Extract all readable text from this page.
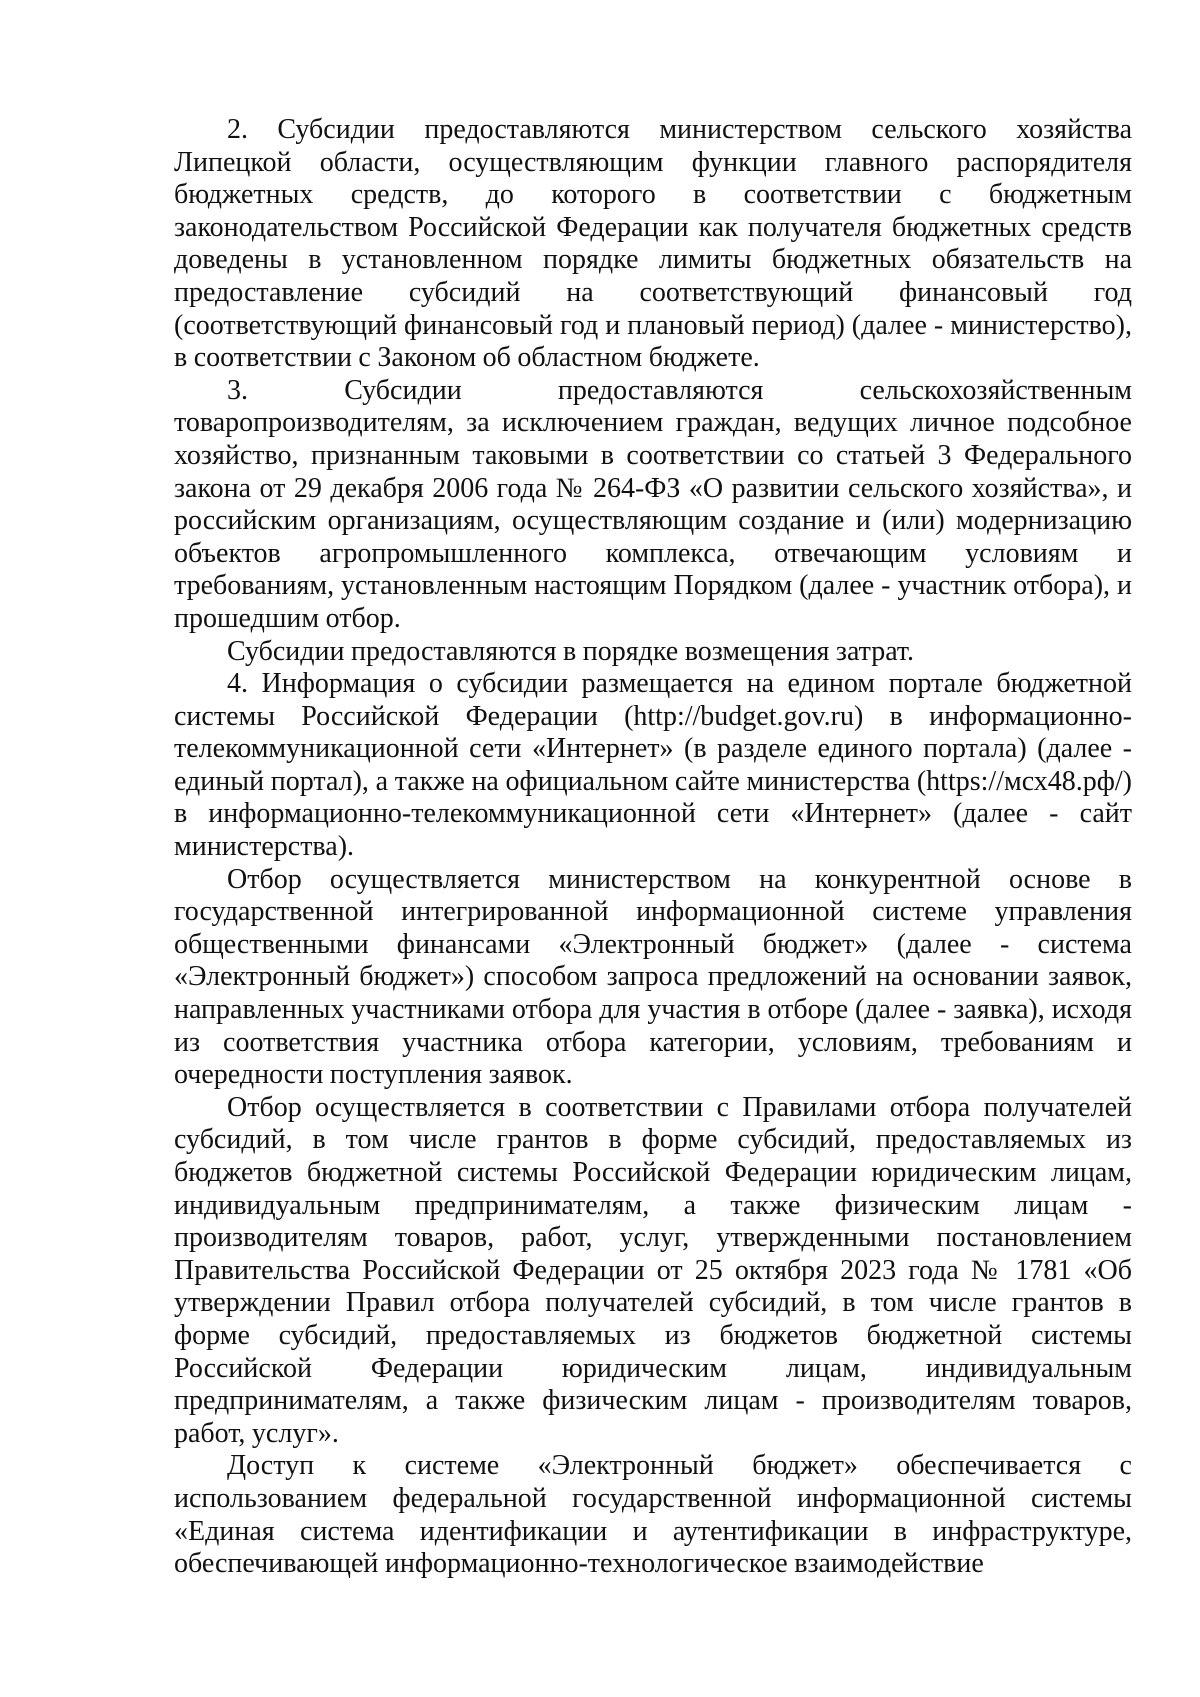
2. Субсидии предоставляются министерством сельского хозяйства Липецкой области, осуществляющим функции главного распорядителя бюджетных средств, до которого в соответствии с бюджетным законодательством Российской Федерации как получателя бюджетных средств доведены в установленном порядке лимиты бюджетных обязательств на предоставление субсидий на соответствующий финансовый год (соответствующий финансовый год и плановый период) (далее - министерство), в соответствии с Законом об областном бюджете.

3. Субсидии предоставляются сельскохозяйственным товаропроизводителям, за исключением граждан, ведущих личное подсобное хозяйство, признанным таковыми в соответствии со статьей 3 Федерального закона от 29 декабря 2006 года № 264-ФЗ «О развитии сельского хозяйства», и российским организациям, осуществляющим создание и (или) модернизацию объектов агропромышленного комплекса, отвечающим условиям и требованиям, установленным настоящим Порядком (далее - участник отбора), и прошедшим отбор.

Субсидии предоставляются в порядке возмещения затрат.

4. Информация о субсидии размещается на едином портале бюджетной системы Российской Федерации (http://budget.gov.ru) в информационно-телекоммуникационной сети «Интернет» (в разделе единого портала) (далее - единый портал), а также на официальном сайте министерства (https://мсх48.рф/) в информационно-телекоммуникационной сети «Интернет» (далее - сайт министерства).

Отбор осуществляется министерством на конкурентной основе в государственной интегрированной информационной системе управления общественными финансами «Электронный бюджет» (далее - система «Электронный бюджет») способом запроса предложений на основании заявок, направленных участниками отбора для участия в отборе (далее - заявка), исходя из соответствия участника отбора категории, условиям, требованиям и очередности поступления заявок.

Отбор осуществляется в соответствии с Правилами отбора получателей субсидий, в том числе грантов в форме субсидий, предоставляемых из бюджетов бюджетной системы Российской Федерации юридическим лицам, индивидуальным предпринимателям, а также физическим лицам - производителям товаров, работ, услуг, утвержденными постановлением Правительства Российской Федерации от 25 октября 2023 года № 1781 «Об утверждении Правил отбора получателей субсидий, в том числе грантов в форме субсидий, предоставляемых из бюджетов бюджетной системы Российской Федерации юридическим лицам, индивидуальным предпринимателям, а также физическим лицам - производителям товаров, работ, услуг».

Доступ к системе «Электронный бюджет» обеспечивается с использованием федеральной государственной информационной системы «Единая система идентификации и аутентификации в инфраструктуре, обеспечивающей информационно-технологическое взаимодействие
